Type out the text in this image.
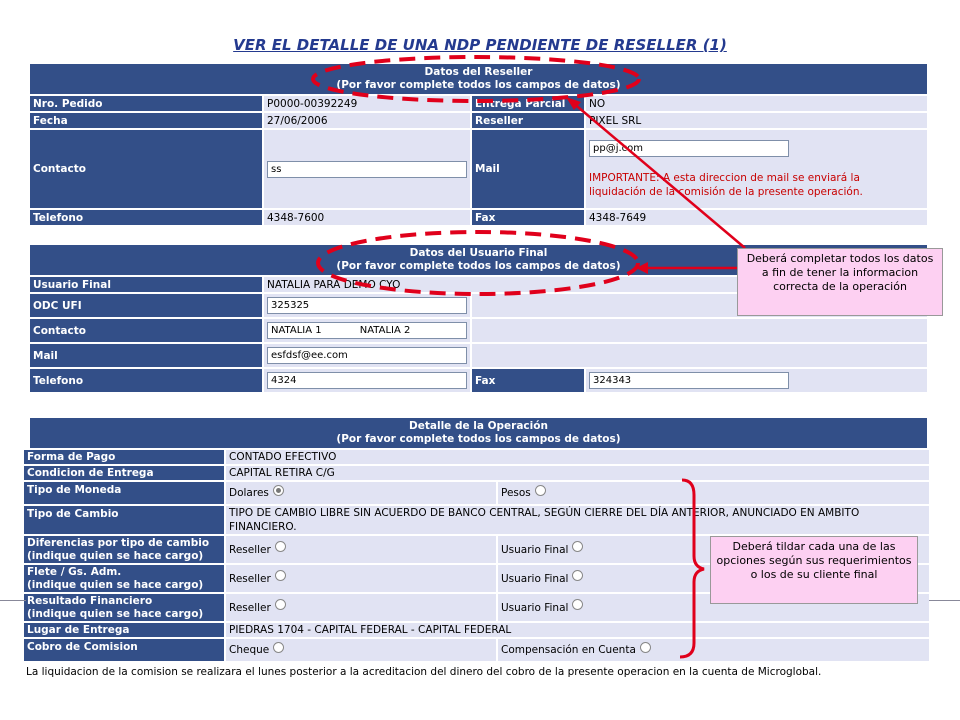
VER EL DETALLE DE UNA NDP PENDIENTE DE RESELLER (1)
Datos del Reseller
(Por favor complete todos los campos de datos)			

Nro. Pedido	P0000-00392249	Entrega Parcial	NO
Fecha	27/06/2006	Reseller	PIXEL SRL
Contacto	ss	Mail	pp@j.com
IMPORTANTE: A esta direccion de mail se enviará la liquidación de la comisión de la presente operación.

Telefono	4348-7600	Fax	4348-7649
Datos del Usuario Final
(Por favor complete todos los campos de datos)			

Usuario Final	NATALIA PARA DEMO CYO		
ODC UFI	325325	
Contacto	NATALIA 1 NATALIA 2	
Mail	esfdsf@ee.com	
Telefono	4324	Fax	324343
Detalle de la Operación
(Por favor complete todos los campos de datos)
Forma de Pago	CONTADO EFECTIVO	
Condicion de Entrega	CAPITAL RETIRA C/G	
Tipo de Moneda	Dolares	Pesos
Tipo de Cambio	TIPO DE CAMBIO LIBRE SIN ACUERDO DE BANCO CENTRAL, SEGÚN CIERRE DEL DÍA ANTERIOR, ANUNCIADO EN AMBITO FINANCIERO.	

Diferencias por tipo de cambio
(indique quien se hace cargo)	Reseller	Usuario Final

Flete / Gs. Adm.
(indique quien se hace cargo)	Reseller	Usuario Final

Resultado Financiero
(indique quien se hace cargo)	Reseller	Usuario Final
Lugar de Entrega	PIEDRAS 1704 - CAPITAL FEDERAL - CAPITAL FEDERAL	
Cobro de Comision	Cheque	Compensación en Cuenta
La liquidacion de la comision se realizara el lunes posterior a la acreditacion del dinero del cobro de la presente operacion en la cuenta de Microglobal.
Deberá completar todos los datos a fin de tener la informacion correcta de la operación
Deberá tildar cada una de las opciones según sus requerimientos o los de su cliente final
